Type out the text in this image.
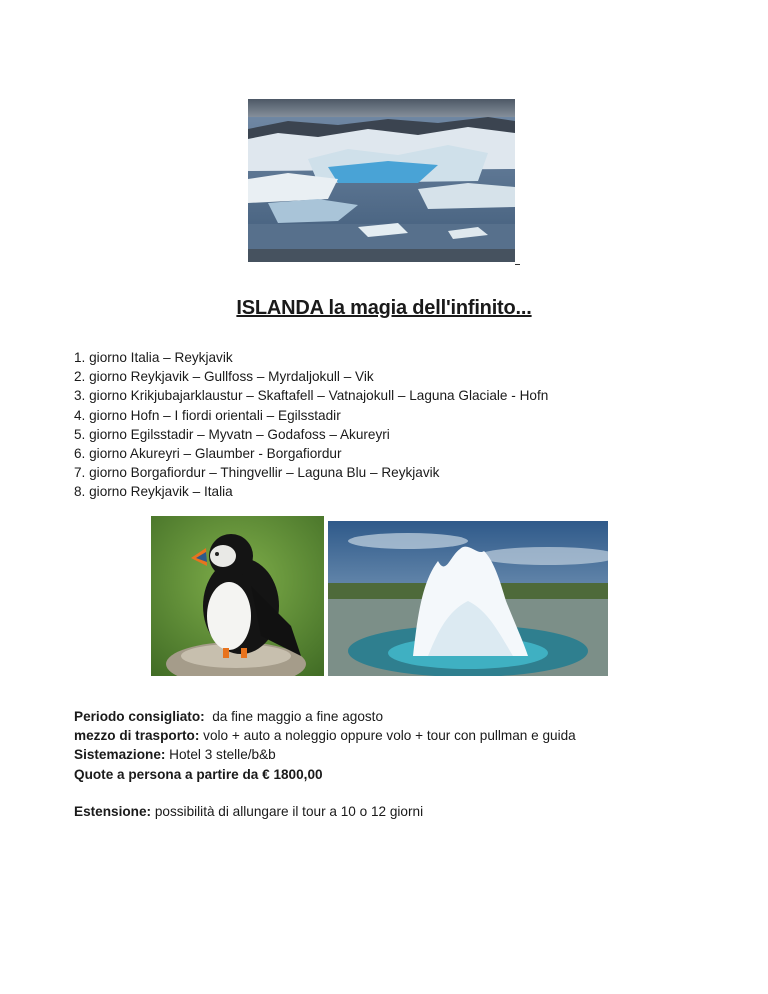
ISLANDA la magia dell'infinito...
1. giorno Italia – Reykjavik
2. giorno Reykjavik – Gullfoss – Myrdaljokull – Vik
3. giorno Krikjubajarklaustur – Skaftafell – Vatnajokull – Laguna Glaciale - Hofn
4. giorno Hofn – I fiordi orientali – Egilsstadir
5. giorno Egilsstadir – Myvatn – Godafoss – Akureyri
6. giorno Akureyri – Glaumber - Borgafiordur
7. giorno Borgafiordur – Thingvellir – Laguna Blu – Reykjavik
8. giorno Reykjavik – Italia

Periodo consigliato:  da fine maggio a fine agosto

mezzo di trasporto: volo + auto a noleggio oppure volo + tour con pullman e guida

Sistemazione: Hotel 3 stelle/b&b

Quote a persona a partire da € 1800,00

Estensione: possibilità di allungare il tour a 10 o 12 giorni
